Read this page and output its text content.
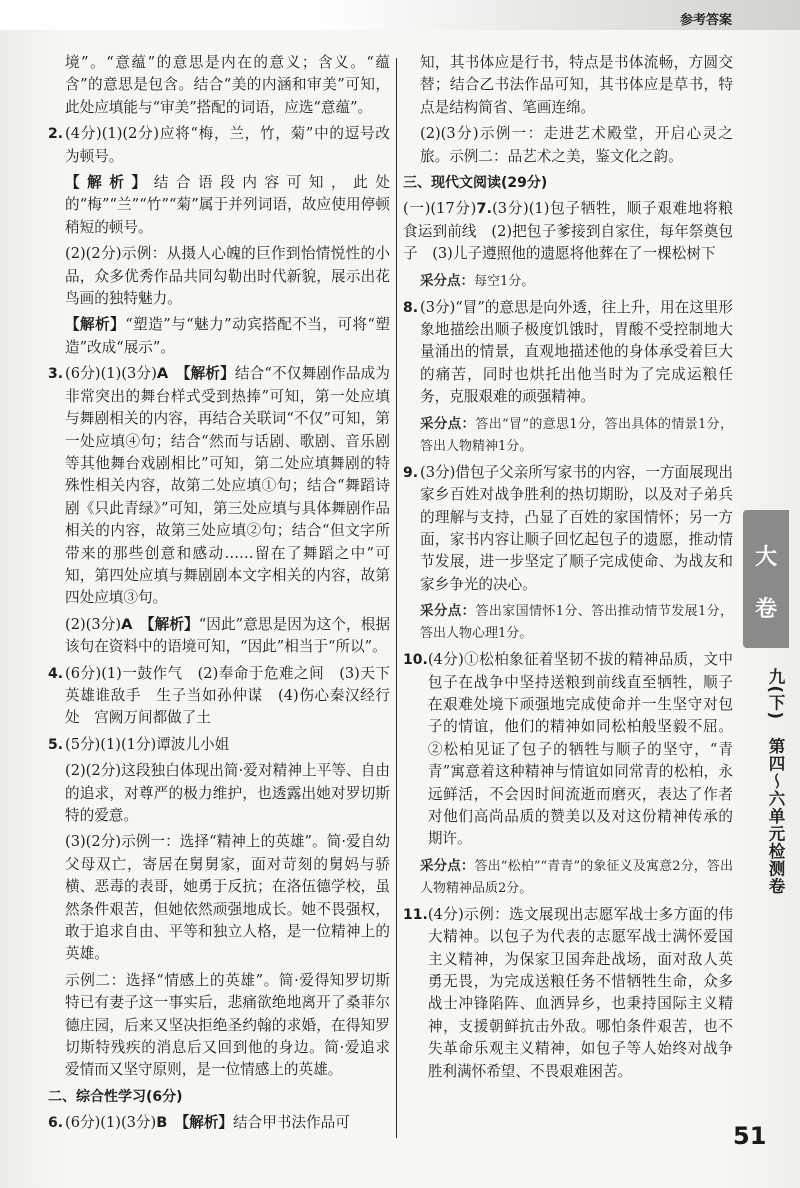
参考答案

境”。“意蕴”的意思是内在的意义；含义。“蕴含”的意思是包含。结合“美的内涵和审美”可知，此处应填能与“审美”搭配的词语，应选“意蕴”。

2. (4分)(1)(2分)应将“梅，兰，竹，菊”中的逗号改为顿号。

【解析】结合语段内容可知，此处的“梅”“兰”“竹”“菊”属于并列词语，故应使用停顿稍短的顿号。

(2)(2分)示例：从摄人心魄的巨作到怡情悦性的小品，众多优秀作品共同勾勒出时代新貌，展示出花鸟画的独特魅力。

【解析】“塑造”与“魅力”动宾搭配不当，可将“塑造”改成“展示”。

3. (6分)(1)(3分)A　 【解析】结合“不仅舞剧作品成为非常突出的舞台样式受到热捧”可知，第一处应填与舞剧相关的内容，再结合关联词“不仅”可知，第一处应填④句；结合“然而与话剧、歌剧、音乐剧等其他舞台戏剧相比”可知，第二处应填舞剧的特殊性相关内容，故第二处应填①句；结合“舞蹈诗剧《只此青绿》”可知，第三处应填与具体舞剧作品相关的内容，故第三处应填②句；结合“但文字所带来的那些创意和感动……留在了舞蹈之中”可知，第四处应填与舞剧剧本文字相关的内容，故第四处应填③句。

(2)(3分)A　 【解析】“因此”意思是因为这个，根据该句在资料中的语境可知，“因此”相当于“所以”。

4. (6分)(1)一鼓作气　(2)奉命于危难之间　(3)天下英雄谁敌手　生子当如孙仲谋　(4)伤心秦汉经行处　宫阙万间都做了土

5. (5分)(1)(1分)谭波儿小姐

(2)(2分)这段独白体现出简·爱对精神上平等、自由的追求，对尊严的极力维护，也透露出她对罗切斯特的爱意。

(3)(2分)示例一：选择“精神上的英雄”。简·爱自幼父母双亡，寄居在舅舅家，面对苛刻的舅妈与骄横、恶毒的表哥，她勇于反抗；在洛伍德学校，虽然条件艰苦，但她依然顽强地成长。她不畏强权，敢于追求自由、平等和独立人格，是一位精神上的英雄。

示例二：选择“情感上的英雄”。简·爱得知罗切斯特已有妻子这一事实后，悲痛欲绝地离开了桑菲尔德庄园，后来又坚决拒绝圣约翰的求婚，在得知罗切斯特残疾的消息后又回到他的身边。简·爱追求爱情而又坚守原则，是一位情感上的英雄。

二、综合性学习(6分)
6. (6分)(1)(3分)B　 【解析】结合甲书法作品可

知，其书体应是行书，特点是书体流畅，方圆交替；结合乙书法作品可知，其书体应是草书，特点是结构简省、笔画连绵。

(2)(3分)示例一：走进艺术殿堂，开启心灵之旅。示例二：品艺术之美，鉴文化之韵。

三、现代文阅读(29分)

(一)(17分)7.(3分)(1)包子牺牲，顺子艰难地将粮食运到前线　(2)把包子爹接到自家住，每年祭奠包子　(3)儿子遵照他的遗愿将他葬在了一棵松树下

采分点：每空1分。

8. (3分)“冒”的意思是向外透，往上升，用在这里形象地描绘出顺子极度饥饿时，胃酸不受控制地大量涌出的情景，直观地描述他的身体承受着巨大的痛苦，同时也烘托出他当时为了完成运粮任务，克服艰难的顽强精神。

采分点：答出“冒”的意思1分，答出具体的情景1分，答出人物精神1分。

9. (3分)借包子父亲所写家书的内容，一方面展现出家乡百姓对战争胜利的热切期盼，以及对子弟兵的理解与支持，凸显了百姓的家国情怀；另一方面，家书内容让顺子回忆起包子的遗愿，推动情节发展，进一步坚定了顺子完成使命、为战友和家乡争光的决心。

采分点：答出家国情怀1分、答出推动情节发展1分，答出人物心理1分。

10. (4分)①松柏象征着坚韧不拔的精神品质，文中包子在战争中坚持送粮到前线直至牺牲，顺子在艰难处境下顽强地完成使命并一生坚守对包子的情谊，他们的精神如同松柏般坚毅不屈。②松柏见证了包子的牺牲与顺子的坚守，“青青”寓意着这种精神与情谊如同常青的松柏，永远鲜活，不会因时间流逝而磨灭，表达了作者对他们高尚品质的赞美以及对这份精神传承的期许。

采分点：答出“松柏”“青青”的象征义及寓意2分，答出人物精神品质2分。

11. (4分)示例：选文展现出志愿军战士多方面的伟大精神。以包子为代表的志愿军战士满怀爱国主义精神，为保家卫国奔赴战场，面对敌人英勇无畏，为完成送粮任务不惜牺牲生命，众多战士冲锋陷阵、血洒异乡，也秉持国际主义精神，支援朝鲜抗击外敌。哪怕条件艰苦，也不失革命乐观主义精神，如包子等人始终对战争胜利满怀希望、不畏艰难困苦。

大
卷
九(下)　第四～六单元检测卷
51
